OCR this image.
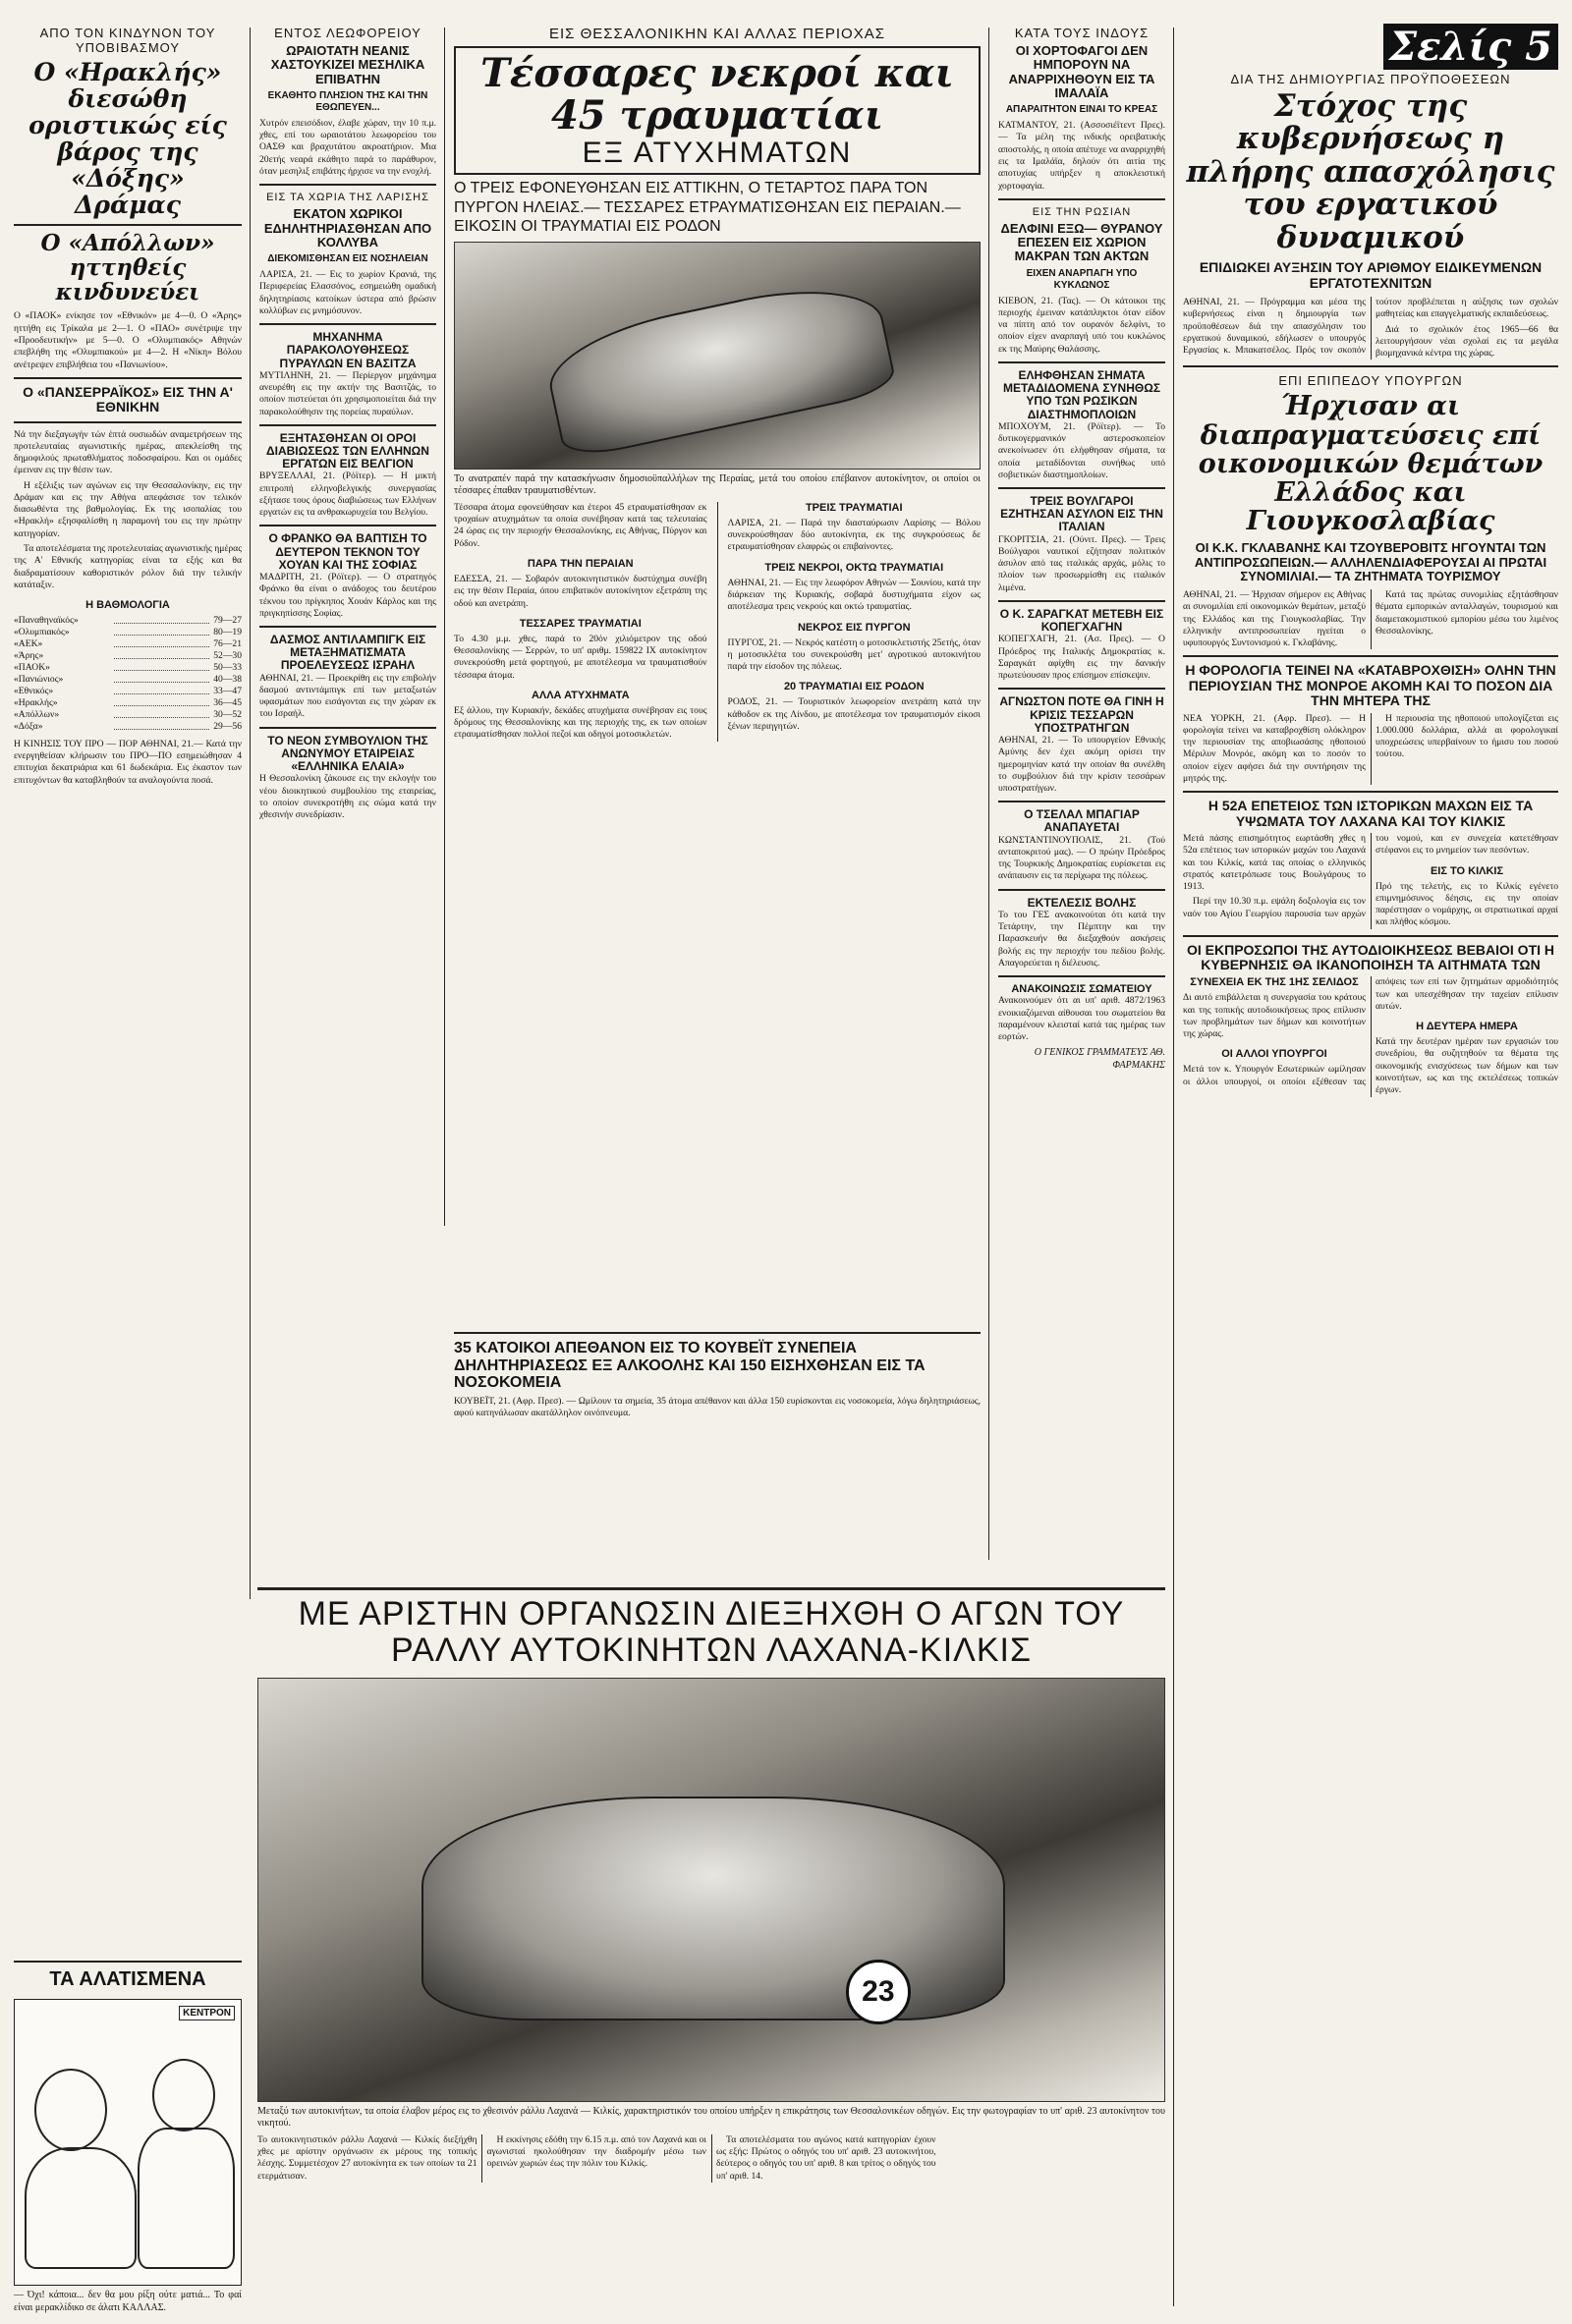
ΑΠΟ ΤΟΝ ΚΙΝΔΥΝΟΝ ΤΟΥ ΥΠΟΒΙΒΑΣΜΟΥ
Ο «Ηρακλής» διεσώθη οριστικώς είς βάρος της «Δόξης» Δράμας
Ο «Απόλλων» ηττηθείς κινδυνεύει

Ο «ΠΑΟΚ» ενίκησε τον «Εθνικόν» με 4—0. Ο «Άρης» ηττήθη εις Τρίκαλα με 2—1. Ο «ΠΑΟ» συνέτριψε την «Προοδευτικήν» με 5—0. Ο «Ολυμπιακός» Αθηνών επεβλήθη της «Ολυμπιακού» με 4—2. Η «Νίκη» Βόλου ανέτρεψεν επιβλήθεια του «Πανιωνίου».

Ο «ΠΑΝΣΕΡΡΑΪΚΟΣ» ΕΙΣ ΤΗΝ Α' ΕΘΝΙΚΗΝ

Νά την διεξαγωγήν τών έπτά ουσιωδών αναμετρήσεων της προτελευταίας αγωνιστικής ημέρας, απεκλείσθη της δημοφιλούς πρωταθλήματος ποδοσφαίρου. Και οι ομάδες έμειναν εις την θέσιν των.

Η εξέλιξις των αγώνων εις την Θεσσαλονίκην, εις την Δράμαν και εις την Αθήνα απεφάσισε τον τελικόν διασωθέντα της βαθμολογίας. Εκ της ισοπαλίας του «Ηρακλή» εξησφαλίσθη η παραμονή του εις την πρώτην κατηγορίαν.

Τα αποτελέσματα της προτελευταίας αγωνιστικής ημέρας της Α' Εθνικής κατηγορίας είναι τα εξής και θα διαδραματίσουν καθοριστικόν ρόλον διά την τελικήν κατάταξιν.

Η ΒΑΘΜΟΛΟΓΙΑ
«Παναθηναϊκός»	79—27
«Ολυμπιακός»	80—19
«ΑΕΚ»	76—21
«Άρης»	52—30
«ΠΑΟΚ»	50—33
«Πανιώνιος»	40—38
«Εθνικός»	33—47
«Ηρακλής»	36—45
«Απόλλων»	30—52
«Δόξα»	29—56

Η ΚΙΝΗΣΙΣ ΤΟΥ ΠΡΟ — ΠΟΡ ΑΘΗΝΑΙ, 21.— Κατά την ενεργηθείσαν κλήρωσιν του ΠΡΟ—ΠΟ εσημειώθησαν 4 επιτυχίαι δεκατριάρια και 61 δωδεκάρια. Εις έκαστον των επιτυχόντων θα καταβληθούν τα αναλογούντα ποσά.

ΤΑ ΑΛΑΤΙΣΜΕΝΑ
ΚΕΝΤΡΟΝ
— Όχι! κάποια... δεν θα μου ρίξη ούτε ματιά... Το φαί είναι μερακλίδικο σε άλατι ΚΑΛΛΑΣ.
ΕΝΤΟΣ ΛΕΩΦΟΡΕΙΟΥ
ΩΡΑΙΟΤΑΤΗ ΝΕΑΝΙΣ ΧΑΣΤΟΥΚΙΖΕΙ ΜΕΣΗΛΙΚΑ ΕΠΙΒΑΤΗΝ
ΕΚΑΘΗΤΟ ΠΛΗΣΙΟΝ ΤΗΣ ΚΑΙ ΤΗΝ ΕΘΩΠΕΥΕΝ...

Χυτρόν επεισόδιον, έλαβε χώραν, την 10 π.μ. χθες, επί του ωραιοτάτου λεωφορείου του ΟΑΣΘ και βραχυτάτου ακροατήριον. Μια 20ετής νεαρά εκάθητο παρά το παράθυρον, όταν μεσηλιξ επιβάτης ήρχισε να την ενοχλή.

ΕΙΣ ΤΑ ΧΩΡΙΑ ΤΗΣ ΛΑΡΙΣΗΣ
ΕΚΑΤΟΝ ΧΩΡΙΚΟΙ ΕΔΗΛΗΤΗΡΙΑΣΘΗΣΑΝ ΑΠΟ ΚΟΛΛΥΒΑ
ΔΙΕΚΟΜΙΣΘΗΣΑΝ ΕΙΣ ΝΟΣΗΛΕΙΑΝ

ΛΑΡΙΣΑ, 21. — Εις το χωρίον Κρανιά, της Περιφερείας Ελασσόνος, εσημειώθη ομαδική δηλητηρίασις κατοίκων ύστερα από βρώσιν κολλύβων εις μνημόσυνον.

ΜΗΧΑΝΗΜΑ ΠΑΡΑΚΟΛΟΥΘΗΣΕΩΣ ΠΥΡΑΥΛΩΝ ΕΝ ΒΑΣΙΤΖΑ

ΜΥΤΙΛΗΝΗ, 21. — Περίεργον μηχάνημα ανευρέθη εις την ακτήν της Βασιτζάς, το οποίον πιστεύεται ότι χρησιμοποιείται διά την παρακολούθησιν της πορείας πυραύλων.

ΕΞΗΤΑΣΘΗΣΑΝ ΟΙ ΟΡΟΙ ΔΙΑΒΙΩΣΕΩΣ ΤΩΝ ΕΛΛΗΝΩΝ ΕΡΓΑΤΩΝ ΕΙΣ ΒΕΛΓΙΟΝ

ΒΡΥΞΕΛΛΑΙ, 21. (Ρόϊτερ). — Η μικτή επιτροπή ελληνοβελγικής συνεργασίας εξήτασε τους όρους διαβιώσεως των Ελλήνων εργατών εις τα ανθρακωρυχεία του Βελγίου.

Ο ΦΡΑΝΚΟ ΘΑ ΒΑΠΤΙΣΗ ΤΟ ΔΕΥΤΕΡΟΝ ΤΕΚΝΟΝ ΤΟΥ ΧΟΥΑΝ ΚΑΙ ΤΗΣ ΣΟΦΙΑΣ

ΜΑΔΡΙΤΗ, 21. (Ρόϊτερ). — Ο στρατηγός Φράνκο θα είναι ο ανάδοχος του δευτέρου τέκνου του πρίγκηπος Χουάν Κάρλος και της πριγκηπίσσης Σοφίας.

ΔΑΣΜΟΣ ΑΝΤΙΛΑΜΠΙΓΚ ΕΙΣ ΜΕΤΑΞΗΜΑΤΙΣΜΑΤΑ ΠΡΟΕΛΕΥΣΕΩΣ ΙΣΡΑΗΛ

ΑΘΗΝΑΙ, 21. — Προεκρίθη εις την επιβολήν δασμού αντιντάμπιγκ επί των μεταξωτών υφασμάτων που εισάγονται εις την χώραν εκ του Ισραήλ.

ΤΟ ΝΕΟΝ ΣΥΜΒΟΥΛΙΟΝ ΤΗΣ ΑΝΩΝΥΜΟΥ ΕΤΑΙΡΕΙΑΣ «ΕΛΛΗΝΙΚΑ ΕΛΑΙΑ»

Η Θεσσαλονίκη ζάκουσε εις την εκλογήν του νέου διοικητικού συμβουλίου της εταιρείας, το οποίον συνεκροτήθη εις σώμα κατά την χθεσινήν συνεδρίασιν.

ΕΙΣ ΘΕΣΣΑΛΟΝΙΚΗΝ ΚΑΙ ΑΛΛΑΣ ΠΕΡΙΟΧΑΣ
Τέσσαρες νεκροί και 45 τραυματίαι
ΕΞ ΑΤΥΧΗΜΑΤΩΝ
Ο ΤΡΕΙΣ ΕΦΟΝΕΥΘΗΣΑΝ ΕΙΣ ΑΤΤΙΚΗΝ, Ο ΤΕΤΑΡΤΟΣ ΠΑΡΑ ΤΟΝ ΠΥΡΓΟΝ ΗΛΕΙΑΣ.— ΤΕΣΣΑΡΕΣ ΕΤΡΑΥΜΑΤΙΣΘΗΣΑΝ ΕΙΣ ΠΕΡΑΙΑΝ.— ΕΙΚΟΣΙΝ ΟΙ ΤΡΑΥΜΑΤΙΑΙ ΕΙΣ ΡΟΔΟΝ
Το ανατραπέν παρά την κατασκήνωσιν δημοσιοϋπαλλήλων της Περαίας, μετά του οποίου επέβαινον αυτοκίνητον, οι οποίοι οι τέσσαρες έπαθαν τραυματισθέντων.

Τέσσαρα άτομα εφονεύθησαν και έτεροι 45 ετραυματίσθησαν εκ τροχαίων ατυχημάτων τα οποία συνέβησαν κατά τας τελευταίας 24 ώρας εις την περιοχήν Θεσσαλονίκης, εις Αθήνας, Πύργον και Ρόδον.

ΠΑΡΑ ΤΗΝ ΠΕΡΑΙΑΝ

ΕΔΕΣΣΑ, 21. — Σοβαρόν αυτοκινητιστικόν δυστύχημα συνέβη εις την θέσιν Περαία, όπου επιβατικόν αυτοκίνητον εξετράπη της οδού και ανετράπη.

ΤΕΣΣΑΡΕΣ ΤΡΑΥΜΑΤΙΑΙ

Το 4.30 μ.μ. χθες, παρά το 20όν χιλιόμετρον της οδού Θεσσαλονίκης — Σερρών, το υπ' αριθμ. 159822 ΙΧ αυτοκίνητον συνεκρούσθη μετά φορτηγού, με αποτέλεσμα να τραυματισθούν τέσσαρα άτομα.

ΑΛΛΑ ΑΤΥΧΗΜΑΤΑ

Εξ άλλου, την Κυριακήν, δεκάδες ατυχήματα συνέβησαν εις τους δρόμους της Θεσσαλονίκης και της περιοχής της, εκ των οποίων ετραυματίσθησαν πολλοί πεζοί και οδηγοί μοτοσικλετών.

ΤΡΕΙΣ ΤΡΑΥΜΑΤΙΑΙ

ΛΑΡΙΣΑ, 21. — Παρά την διασταύρωσιν Λαρίσης — Βόλου συνεκρούσθησαν δύο αυτοκίνητα, εκ της συγκρούσεως δε ετραυματίσθησαν ελαφρώς οι επιβαίνοντες.

ΤΡΕΙΣ ΝΕΚΡΟΙ, ΟΚΤΩ ΤΡΑΥΜΑΤΙΑΙ

ΑΘΗΝΑΙ, 21. — Εις την λεωφόρον Αθηνών — Σουνίου, κατά την διάρκειαν της Κυριακής, σοβαρά δυστυχήματα είχον ως αποτέλεσμα τρεις νεκρούς και οκτώ τραυματίας.

ΝΕΚΡΟΣ ΕΙΣ ΠΥΡΓΟΝ

ΠΥΡΓΟΣ, 21. — Νεκρός κατέστη ο μοτοσικλετιστής 25ετής, όταν η μοτοσικλέτα του συνεκρούσθη μετ' αγροτικού αυτοκινήτου παρά την είσοδον της πόλεως.

20 ΤΡΑΥΜΑΤΙΑΙ ΕΙΣ ΡΟΔΟΝ

ΡΟΔΟΣ, 21. — Τουριστικόν λεωφορείον ανετράπη κατά την κάθοδον εκ της Λίνδου, με αποτέλεσμα τον τραυματισμόν είκοσι ξένων περιηγητών.

35 ΚΑΤΟΙΚΟΙ ΑΠΕΘΑΝΟΝ ΕΙΣ ΤΟ ΚΟΥΒΕΪΤ ΣΥΝΕΠΕΙΑ ΔΗΛΗΤΗΡΙΑΣΕΩΣ ΕΞ ΑΛΚΟΟΛΗΣ ΚΑΙ 150 ΕΙΣΗΧΘΗΣΑΝ ΕΙΣ ΤΑ ΝΟΣΟΚΟΜΕΙΑ

ΚΟΥΒΕΪΤ, 21. (Αφρ. Πρεσ). — Ωμίλουν τα σημεία, 35 άτομα απέθανον και άλλα 150 ευρίσκονται εις νοσοκομεία, λόγω δηλητηριάσεως, αφού κατηνάλωσαν ακατάλληλον οινόπνευμα.

ΚΑΤΑ ΤΟΥΣ ΙΝΔΟΥΣ
ΟΙ ΧΟΡΤΟΦΑΓΟΙ ΔΕΝ ΗΜΠΟΡΟΥΝ ΝΑ ΑΝΑΡΡΙΧΗΘΟΥΝ ΕΙΣ ΤΑ ΙΜΑΛΑΪΑ
ΑΠΑΡΑΙΤΗΤΟΝ ΕΙΝΑΙ ΤΟ ΚΡΕΑΣ

ΚΑΤΜΑΝΤΟΥ, 21. (Ασσοσιέϊτεντ Πρες). — Τα μέλη της ινδικής ορειβατικής αποστολής, η οποία απέτυχε να αναρριχηθή εις τα Ιμαλάϊα, δηλούν ότι αιτία της αποτυχίας υπήρξεν η αποκλειστική χορτοφαγία.

ΕΙΣ ΤΗΝ ΡΩΣΙΑΝ
ΔΕΛΦΙΝΙ ΕΞΩ— ΘΥΡΑΝΟΥ ΕΠΕΣΕΝ ΕΙΣ ΧΩΡΙΟΝ ΜΑΚΡΑΝ ΤΩΝ ΑΚΤΩΝ
ΕΙΧΕΝ ΑΝΑΡΠΑΓΗ ΥΠΟ ΚΥΚΛΩΝΟΣ

ΚΙΕΒΟΝ, 21. (Τας). — Οι κάτοικοι της περιοχής έμειναν κατάπληκτοι όταν είδον να πίπτη από τον ουρανόν δελφίνι, το οποίον είχεν αναρπαγή υπό του κυκλώνος εκ της Μαύρης Θαλάσσης.

ΕΛΗΦΘΗΣΑΝ ΣΗΜΑΤΑ ΜΕΤΑΔΙΔΟΜΕΝΑ ΣΥΝΗΘΩΣ ΥΠΟ ΤΩΝ ΡΩΣΙΚΩΝ ΔΙΑΣΤΗΜΟΠΛΟΙΩΝ

ΜΠΟΧΟΥΜ, 21. (Ρόϊτερ). — Το δυτικογερμανικόν αστεροσκοπείον ανεκοίνωσεν ότι ελήφθησαν σήματα, τα οποία μεταδίδονται συνήθως υπό σοβιετικών διαστημοπλοίων.

ΤΡΕΙΣ ΒΟΥΛΓΑΡΟΙ ΕΖΗΤΗΣΑΝ ΑΣΥΛΟΝ ΕΙΣ ΤΗΝ ΙΤΑΛΙΑΝ

ΓΚΟΡΙΤΣΙΑ, 21. (Ούνιτ. Πρες). — Τρεις Βούλγαροι ναυτικοί εζήτησαν πολιτικόν άσυλον από τας ιταλικάς αρχάς, μόλις το πλοίον των προσωρμίσθη εις ιταλικόν λιμένα.

Ο Κ. ΣΑΡΑΓΚΑΤ ΜΕΤΕΒΗ ΕΙΣ ΚΟΠΕΓΧΑΓΗΝ

ΚΟΠΕΓΧΑΓΗ, 21. (Ασ. Πρες). — Ο Πρόεδρος της Ιταλικής Δημοκρατίας κ. Σαραγκάτ αφίχθη εις την δανικήν πρωτεύουσαν προς επίσημον επίσκεψιν.

ΑΓΝΩΣΤΟΝ ΠΟΤΕ ΘΑ ΓΙΝΗ Η ΚΡΙΣΙΣ ΤΕΣΣΑΡΩΝ ΥΠΟΣΤΡΑΤΗΓΩΝ

ΑΘΗΝΑΙ, 21. — Το υπουργείον Εθνικής Αμύνης δεν έχει ακόμη ορίσει την ημερομηνίαν κατά την οποίαν θα συνέλθη το συμβούλιον διά την κρίσιν τεσσάρων υποστρατήγων.

Ο ΤΣΕΛΑΛ ΜΠΑΓΙΑΡ ΑΝΑΠΑΥΕΤΑΙ

ΚΩΝΣΤΑΝΤΙΝΟΥΠΟΛΙΣ, 21. (Τού ανταποκριτού μας). — Ο πρώην Πρόεδρος της Τουρκικής Δημοκρατίας ευρίσκεται εις ανάπαυσιν εις τα περίχωρα της πόλεως.

ΕΚΤΕΛΕΣΙΣ ΒΟΛΗΣ

Το του ΓΕΣ ανακοινούται ότι κατά την Τετάρτην, την Πέμπτην και την Παρασκευήν θα διεξαχθούν ασκήσεις βολής εις την περιοχήν του πεδίου βολής. Απαγορεύεται η διέλευσις.

ΑΝΑΚΟΙΝΩΣΙΣ ΣΩΜΑΤΕΙΟΥ

Ανακοινούμεν ότι αι υπ' αριθ. 4872/1963 ενοικιαζόμεναι αίθουσαι του σωματείου θα παραμένουν κλεισταί κατά τας ημέρας των εορτών.

Ο ΓΕΝΙΚΟΣ ΓΡΑΜΜΑΤΕΥΣ ΑΘ. ΦΑΡΜΑΚΗΣ
Σελίς 5
ΔΙΑ ΤΗΣ ΔΗΜΙΟΥΡΓΙΑΣ ΠΡΟΫΠΟΘΕΣΕΩΝ
Στόχος της κυβερνήσεως η πλήρης απασχόλησις του εργατικού δυναμικού
ΕΠΙΔΙΩΚΕΙ ΑΥΞΗΣΙΝ ΤΟΥ ΑΡΙΘΜΟΥ ΕΙΔΙΚΕΥΜΕΝΩΝ ΕΡΓΑΤΟΤΕΧΝΙΤΩΝ

ΑΘΗΝΑΙ, 21. — Πρόγραμμα και μέσα της κυβερνήσεως είναι η δημιουργία των προϋποθέσεων διά την απασχόλησιν του εργατικού δυναμικού, εδήλωσεν ο υπουργός Εργασίας κ. Μπακατσέλος. Πρός τον σκοπόν τούτον προβλέπεται η αύξησις των σχολών μαθητείας και επαγγελματικής εκπαιδεύσεως.

Διά το σχολικόν έτος 1965—66 θα λειτουργήσουν νέαι σχολαί εις τα μεγάλα βιομηχανικά κέντρα της χώρας.

ΕΠΙ ΕΠΙΠΕΔΟΥ ΥΠΟΥΡΓΩΝ
Ήρχισαν αι διαπραγματεύσεις επί οικονομικών θεμάτων Ελλάδος και Γιουγκοσλαβίας
ΟΙ Κ.Κ. ΓΚΛΑΒΑΝΗΣ ΚΑΙ ΤΖΟΥΒΕΡΟΒΙΤΣ ΗΓΟΥΝΤΑΙ ΤΩΝ ΑΝΤΙΠΡΟΣΩΠΕΙΩΝ.— ΑΛΛΗΛΕΝΔΙΑΦΕΡΟΥΣΑΙ ΑΙ ΠΡΩΤΑΙ ΣΥΝΟΜΙΛΙΑΙ.— ΤΑ ΖΗΤΗΜΑΤΑ ΤΟΥΡΙΣΜΟΥ

ΑΘΗΝΑΙ, 21. — Ήρχισαν σήμερον εις Αθήνας αι συνομιλίαι επί οικονομικών θεμάτων, μεταξύ της Ελλάδος και της Γιουγκοσλαβίας. Την ελληνικήν αντιπροσωπείαν ηγείται ο υφυπουργός Συντονισμού κ. Γκλαβάνης.

Κατά τας πρώτας συνομιλίας εξητάσθησαν θέματα εμπορικών ανταλλαγών, τουρισμού και διαμετακομιστικού εμπορίου μέσω του λιμένος Θεσσαλονίκης.

Η ΦΟΡΟΛΟΓΙΑ ΤΕΙΝΕΙ ΝΑ «ΚΑΤΑΒΡΟΧΘΙΣΗ» ΟΛΗΝ ΤΗΝ ΠΕΡΙΟΥΣΙΑΝ ΤΗΣ ΜΟΝΡΟΕ ΑΚΟΜΗ ΚΑΙ ΤΟ ΠΟΣΟΝ ΔΙΑ ΤΗΝ ΜΗΤΕΡΑ ΤΗΣ

ΝΕΑ ΥΟΡΚΗ, 21. (Αφρ. Πρεσ). — Η φορολογία τείνει να καταβροχθίση ολόκληρον την περιουσίαν της αποβιωσάσης ηθοποιού Μέριλυν Μονρόε, ακόμη και το ποσόν το οποίον είχεν αφήσει διά την συντήρησιν της μητρός της.

Η περιουσία της ηθοποιού υπολογίζεται εις 1.000.000 δολλάρια, αλλά αι φορολογικαί υποχρεώσεις υπερβαίνουν το ήμισυ του ποσού τούτου.

Η 52Α ΕΠΕΤΕΙΟΣ ΤΩΝ ΙΣΤΟΡΙΚΩΝ ΜΑΧΩΝ ΕΙΣ ΤΑ ΥΨΩΜΑΤΑ ΤΟΥ ΛΑΧΑΝΑ ΚΑΙ ΤΟΥ ΚΙΛΚΙΣ

Μετά πάσης επισημότητος εωρτάσθη χθες η 52α επέτειος των ιστορικών μαχών του Λαχανά και του Κιλκίς, κατά τας οποίας ο ελληνικός στρατός κατετρόπωσε τους Βουλγάρους το 1913.

Περί την 10.30 π.μ. εψάλη δοξολογία εις τον ναόν του Αγίου Γεωργίου παρουσία των αρχών του νομού, και εν συνεχεία κατετέθησαν στέφανοι εις το μνημείον των πεσόντων.

ΕΙΣ ΤΟ ΚΙΛΚΙΣ

Πρό της τελετής, εις το Κιλκίς εγένετο επιμνημόσυνος δέησις, εις την οποίαν παρέστησαν ο νομάρχης, οι στρατιωτικαί αρχαί και πλήθος κόσμου.

ΟΙ ΕΚΠΡΟΣΩΠΟΙ ΤΗΣ ΑΥΤΟΔΙΟΙΚΗΣΕΩΣ ΒΕΒΑΙΟΙ ΟΤΙ Η ΚΥΒΕΡΝΗΣΙΣ ΘΑ ΙΚΑΝΟΠΟΙΗΣΗ ΤΑ ΑΙΤΗΜΑΤΑ ΤΩΝ
ΣΥΝΕΧΕΙΑ ΕΚ ΤΗΣ 1ΗΣ ΣΕΛΙΔΟΣ

Δι αυτό επιβάλλεται η συνεργασία του κράτους και της τοπικής αυτοδιοικήσεως προς επίλυσιν των προβλημάτων των δήμων και κοινοτήτων της χώρας.

ΟΙ ΑΛΛΟΙ ΥΠΟΥΡΓΟΙ

Μετά τον κ. Υπουργόν Εσωτερικών ωμίλησαν οι άλλοι υπουργοί, οι οποίοι εξέθεσαν τας απόψεις των επί των ζητημάτων αρμοδιότητός των και υπεσχέθησαν την ταχείαν επίλυσιν αυτών.

Η ΔΕΥΤΕΡΑ ΗΜΕΡΑ

Κατά την δευτέραν ημέραν των εργασιών του συνεδρίου, θα συζητηθούν τα θέματα της οικονομικής ενισχύσεως των δήμων και των κοινοτήτων, ως και της εκτελέσεως τοπικών έργων.

ΜΕ ΑΡΙΣΤΗΝ ΟΡΓΑΝΩΣΙΝ ΔΙΕΞΗΧΘΗ Ο ΑΓΩΝ ΤΟΥ ΡΑΛΛΥ ΑΥΤΟΚΙΝΗΤΩΝ ΛΑΧΑΝΑ-ΚΙΛΚΙΣ
23
Μεταξύ των αυτοκινήτων, τα οποία έλαβον μέρος εις το χθεσινόν ράλλυ Λαχανά — Κιλκίς, χαρακτηριστικόν του οποίου υπήρξεν η επικράτησις των Θεσσαλονικέων οδηγών. Εις την φωτογραφίαν το υπ' αριθ. 23 αυτοκίνητον του νικητού.

Το αυτοκινητιστικόν ράλλυ Λαχανά — Κιλκίς διεξήχθη χθες με αρίστην οργάνωσιν εκ μέρους της τοπικής λέσχης. Συμμετέσχον 27 αυτοκίνητα εκ των οποίων τα 21 ετερμάτισαν.

Η εκκίνησις εδόθη την 6.15 π.μ. από τον Λαχανά και οι αγωνισταί ηκολούθησαν την διαδρομήν μέσω των ορεινών χωριών έως την πόλιν του Κιλκίς.

Τα αποτελέσματα του αγώνος κατά κατηγορίαν έχουν ως εξής: Πρώτος ο οδηγός του υπ' αριθ. 23 αυτοκινήτου, δεύτερος ο οδηγός του υπ' αριθ. 8 και τρίτος ο οδηγός του υπ' αριθ. 14.
